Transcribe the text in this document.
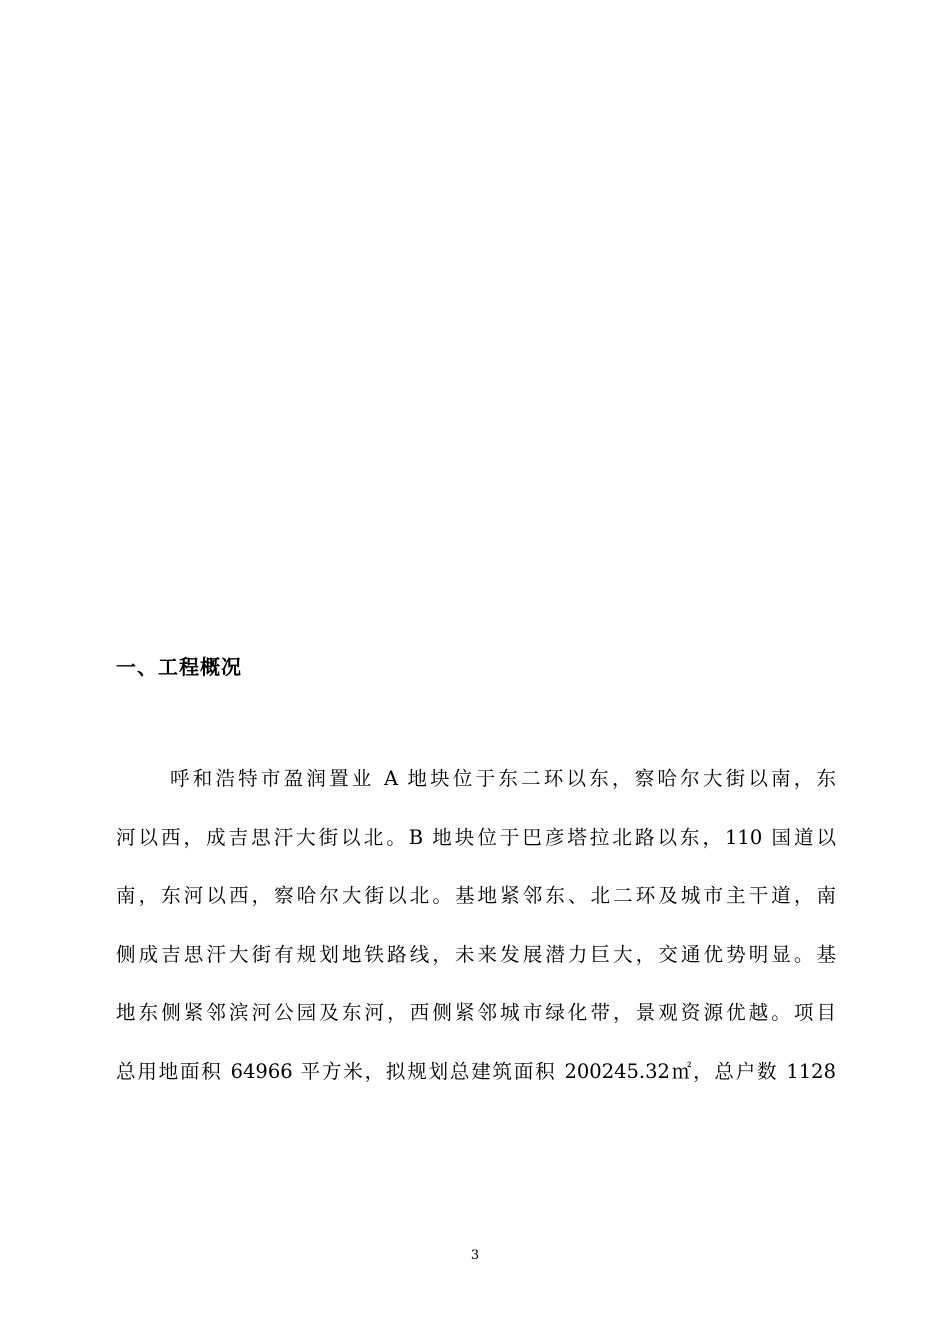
一、工程概况
呼和浩特市盈润置业 A 地块位于东二环以东，察哈尔大街以南，东
河以西，成吉思汗大街以北。B 地块位于巴彦塔拉北路以东，110 国道以
南，东河以西，察哈尔大街以北。基地紧邻东、北二环及城市主干道，南
侧成吉思汗大街有规划地铁路线，未来发展潜力巨大，交通优势明显。基
地东侧紧邻滨河公园及东河，西侧紧邻城市绿化带，景观资源优越。项目
总用地面积 64966 平方米，拟规划总建筑面积 200245.32㎡，总户数 1128
3
